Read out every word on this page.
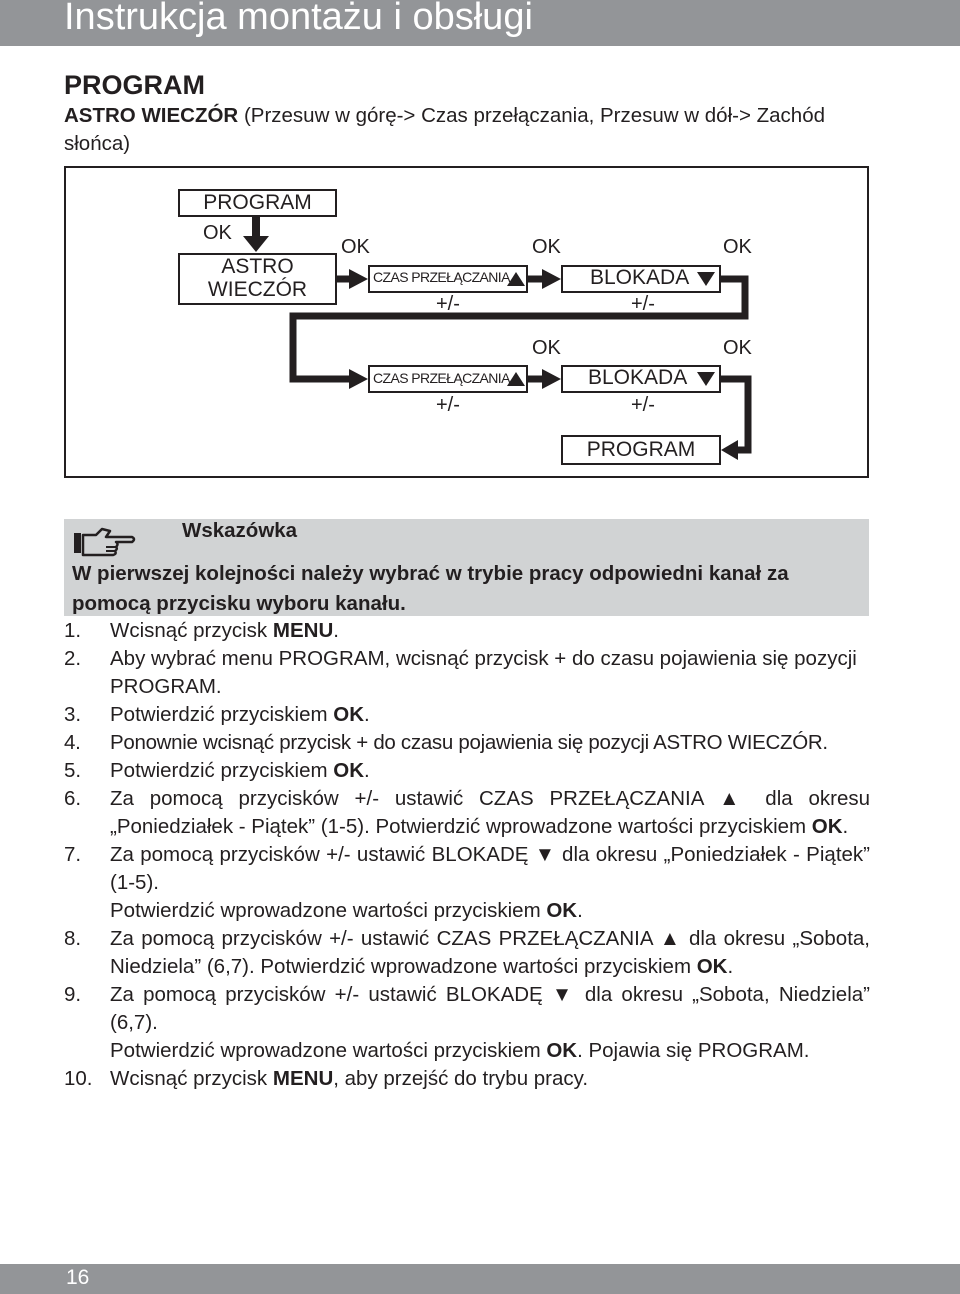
Instrukcja montażu i obsługi
PROGRAM
ASTRO WIECZÓR (Przesuw w górę-> Czas przełączania, Przesuw w dół-> Zachód słońca)
PROGRAM
OK
ASTRO
WIECZÓR
OK	OK	OK
CZAS PRZEŁĄCZANIA	BLOKADA
+/-	+/-
OK	OK
CZAS PRZEŁĄCZANIA	BLOKADA
+/-	+/-
PROGRAM
Wskazówka
W pierwszej kolejności należy wybrać w trybie pracy odpowiedni kanał za pomocą przycisku wyboru kanału.
1. Wcisnąć przycisk MENU.
2. Aby wybrać menu PROGRAM, wcisnąć przycisk + do czasu pojawienia się pozycji PROGRAM.
3. Potwierdzić przyciskiem OK.
4. Ponownie wcisnąć przycisk + do czasu pojawienia się pozycji ASTRO WIECZÓR.
5. Potwierdzić przyciskiem OK.
6. Za pomocą przycisków +/- ustawić CZAS PRZEŁĄCZANIA ▲ dla okresu „Poniedziałek - Piątek” (1-5). Potwierdzić wprowadzone wartości przyciskiem OK.
7. Za pomocą przycisków +/- ustawić BLOKADĘ ▼ dla okresu „Poniedziałek - Piątek” (1-5).
Potwierdzić wprowadzone wartości przyciskiem OK.
8. Za pomocą przycisków +/- ustawić CZAS PRZEŁĄCZANIA ▲ dla okresu „Sobota, Niedziela” (6,7). Potwierdzić wprowadzone wartości przyciskiem OK.
9. Za pomocą przycisków +/- ustawić BLOKADĘ ▼ dla okresu „Sobota, Niedziela” (6,7).
Potwierdzić wprowadzone wartości przyciskiem OK. Pojawia się PROGRAM.
10. Wcisnąć przycisk MENU, aby przejść do trybu pracy.
16
